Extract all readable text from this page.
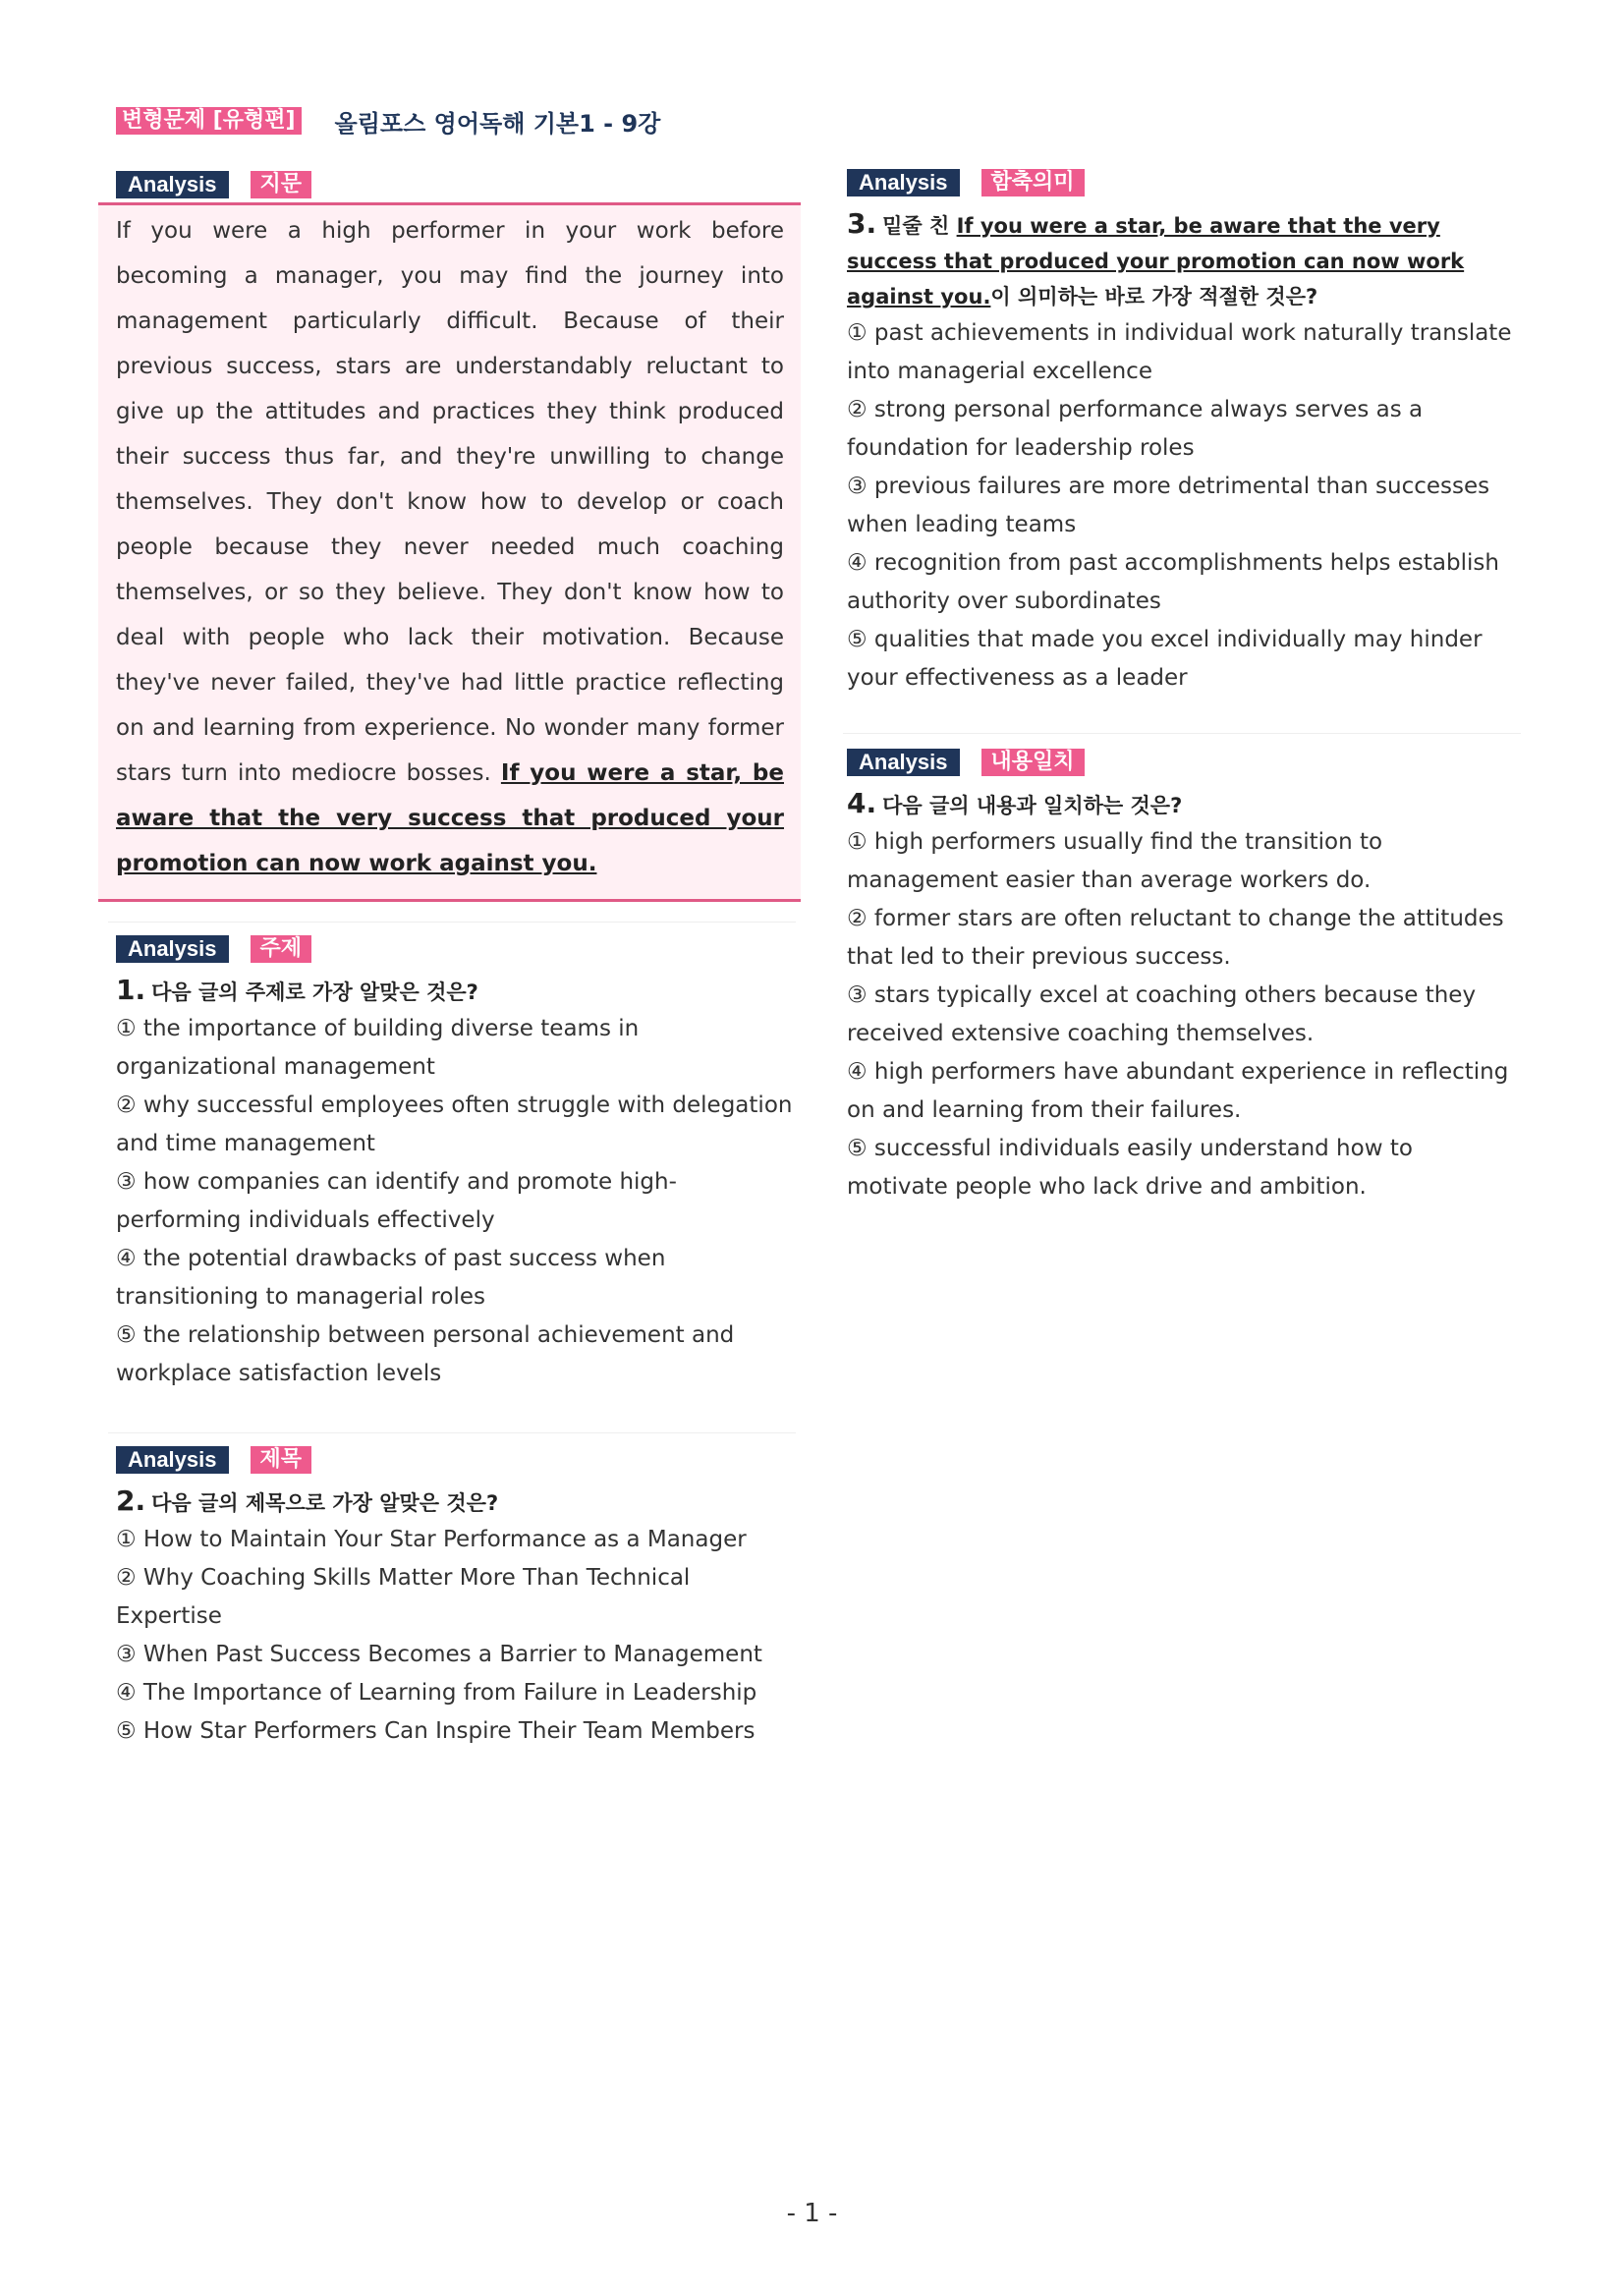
변형문제 [유형편] 올림포스 영어독해 기본1 - 9강
Analysis	지문
If you were a high performer in your work before becoming a manager, you may find the journey into management particularly difficult. Because of their previous success, stars are understandably reluctant to give up the attitudes and practices they think produced their success thus far, and they're unwilling to change themselves. They don't know how to develop or coach people because they never needed much coaching themselves, or so they believe. They don't know how to deal with people who lack their motivation. Because they've never failed, they've had little practice reflecting on and learning from experience. No wonder many former stars turn into mediocre bosses. If you were a star, be aware that the very success that produced your promotion can now work against you.
Analysis	주제
1. 다음 글의 주제로 가장 알맞은 것은?
① the importance of building diverse teams in organizational management
② why successful employees often struggle with delegation and time management
③ how companies can identify and promote high-performing individuals effectively
④ the potential drawbacks of past success when transitioning to managerial roles
⑤ the relationship between personal achievement and workplace satisfaction levels
Analysis	제목
2. 다음 글의 제목으로 가장 알맞은 것은?
① How to Maintain Your Star Performance as a Manager
② Why Coaching Skills Matter More Than Technical Expertise
③ When Past Success Becomes a Barrier to Management
④ The Importance of Learning from Failure in Leadership
⑤ How Star Performers Can Inspire Their Team Members
Analysis	함축의미
3. 밑줄 친 If you were a star, be aware that the very success that produced your promotion can now work against you.이 의미하는 바로 가장 적절한 것은?
① past achievements in individual work naturally translate into managerial excellence
② strong personal performance always serves as a foundation for leadership roles
③ previous failures are more detrimental than successes when leading teams
④ recognition from past accomplishments helps establish authority over subordinates
⑤ qualities that made you excel individually may hinder your effectiveness as a leader
Analysis	내용일치
4. 다음 글의 내용과 일치하는 것은?
① high performers usually find the transition to management easier than average workers do.
② former stars are often reluctant to change the attitudes that led to their previous success.
③ stars typically excel at coaching others because they received extensive coaching themselves.
④ high performers have abundant experience in reflecting on and learning from their failures.
⑤ successful individuals easily understand how to motivate people who lack drive and ambition.
- 1 -
